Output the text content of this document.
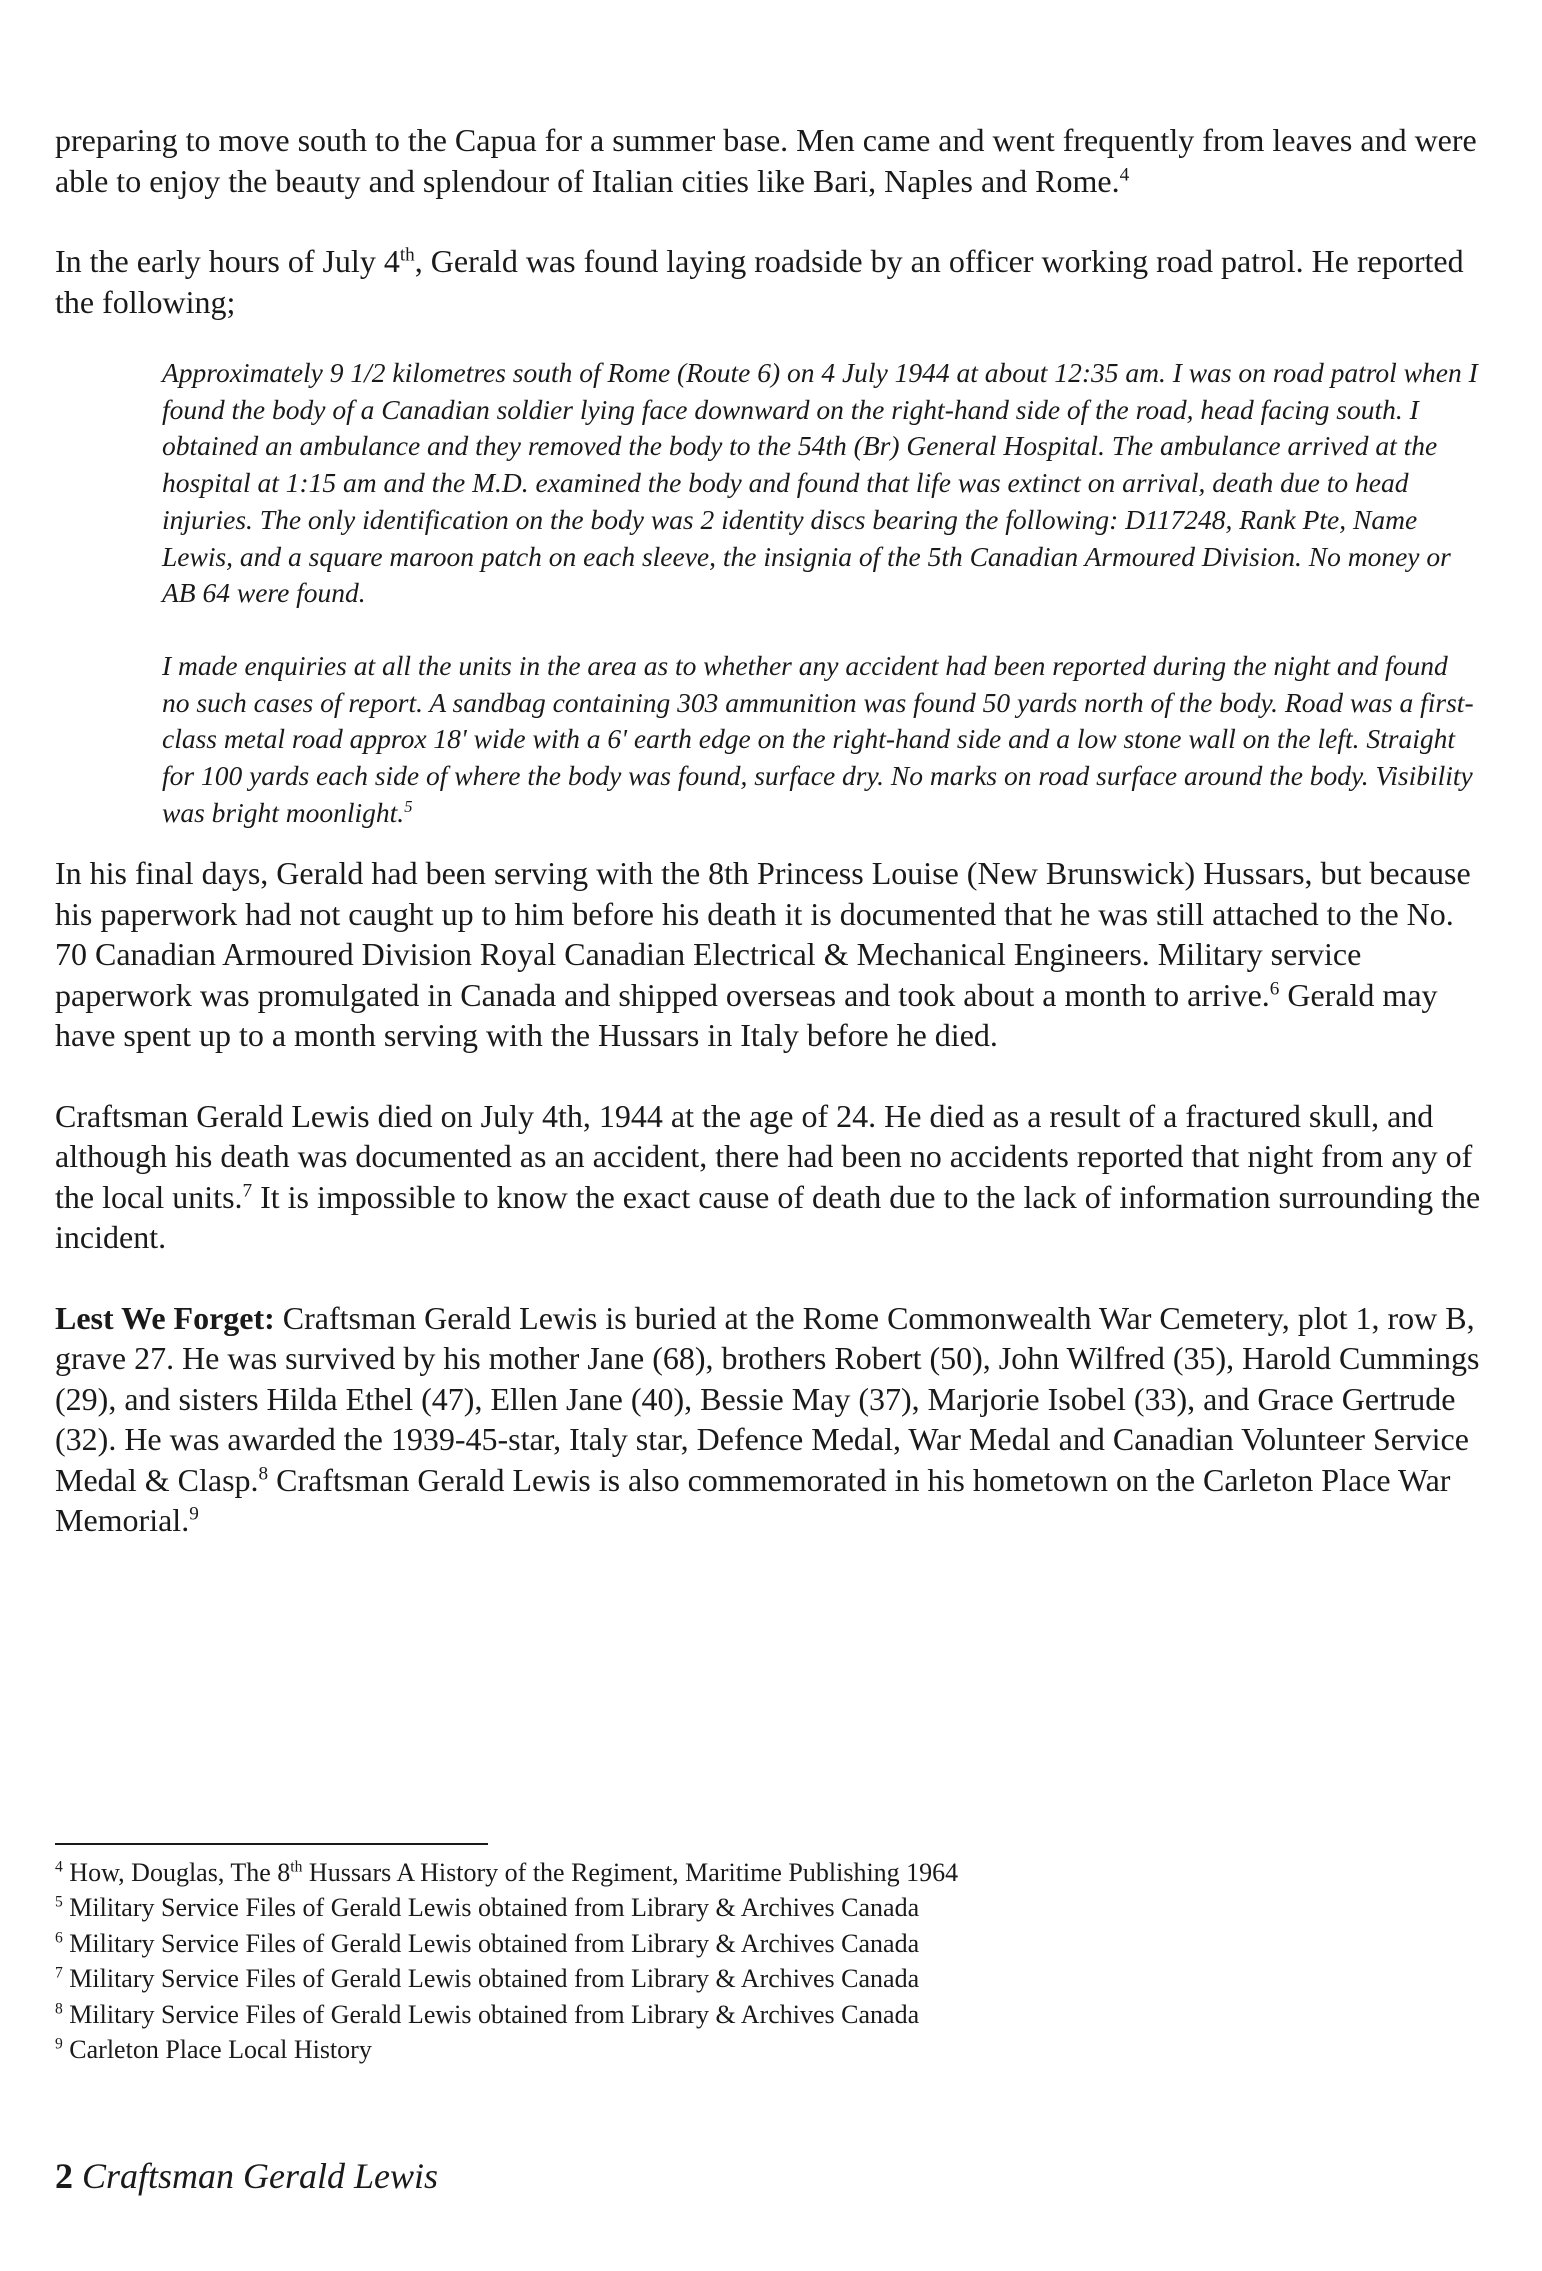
preparing to move south to the Capua for a summer base. Men came and went frequently from leaves and were able to enjoy the beauty and splendour of Italian cities like Bari, Naples and Rome.$^4$

In the early hours of July 4th, Gerald was found laying roadside by an officer working road patrol. He reported the following;

Approximately 9 1/2 kilometres south of Rome (Route 6) on 4 July 1944 at about 12:35 am. I was on road patrol when I found the body of a Canadian soldier lying face downward on the right-hand side of the road, head facing south. I obtained an ambulance and they removed the body to the 54th (Br) General Hospital. The ambulance arrived at the hospital at 1:15 am and the M.D. examined the body and found that life was extinct on arrival, death due to head injuries. The only identification on the body was 2 identity discs bearing the following: D117248, Rank Pte, Name Lewis, and a square maroon patch on each sleeve, the insignia of the 5th Canadian Armoured Division. No money or AB 64 were found.

I made enquiries at all the units in the area as to whether any accident had been reported during the night and found no such cases of report. A sandbag containing 303 ammunition was found 50 yards north of the body. Road was a first-class metal road approx 18' wide with a 6' earth edge on the right-hand side and a low stone wall on the left. Straight for 100 yards each side of where the body was found, surface dry. No marks on road surface around the body. Visibility was bright moonlight.$^5$

In his final days, Gerald had been serving with the 8th Princess Louise (New Brunswick) Hussars, but because his paperwork had not caught up to him before his death it is documented that he was still attached to the No. 70 Canadian Armoured Division Royal Canadian Electrical & Mechanical Engineers. Military service paperwork was promulgated in Canada and shipped overseas and took about a month to arrive.$^6$ Gerald may have spent up to a month serving with the Hussars in Italy before he died.

Craftsman Gerald Lewis died on July 4th, 1944 at the age of 24. He died as a result of a fractured skull, and although his death was documented as an accident, there had been no accidents reported that night from any of the local units.$^7$ It is impossible to know the exact cause of death due to the lack of information surrounding the incident.

Lest We Forget: Craftsman Gerald Lewis is buried at the Rome Commonwealth War Cemetery, plot 1, row B, grave 27. He was survived by his mother Jane (68), brothers Robert (50), John Wilfred (35), Harold Cummings (29), and sisters Hilda Ethel (47), Ellen Jane (40), Bessie May (37), Marjorie Isobel (33), and Grace Gertrude (32). He was awarded the 1939-45-star, Italy star, Defence Medal, War Medal and Canadian Volunteer Service Medal & Clasp.$^8$ Craftsman Gerald Lewis is also commemorated in his hometown on the Carleton Place War Memorial.$^9$

$^4$ How, Douglas, The 8th Hussars A History of the Regiment, Maritime Publishing 1964
$^5$ Military Service Files of Gerald Lewis obtained from Library & Archives Canada
$^6$ Military Service Files of Gerald Lewis obtained from Library & Archives Canada
$^7$ Military Service Files of Gerald Lewis obtained from Library & Archives Canada
$^8$ Military Service Files of Gerald Lewis obtained from Library & Archives Canada
$^9$ Carleton Place Local History
2 Craftsman Gerald Lewis
